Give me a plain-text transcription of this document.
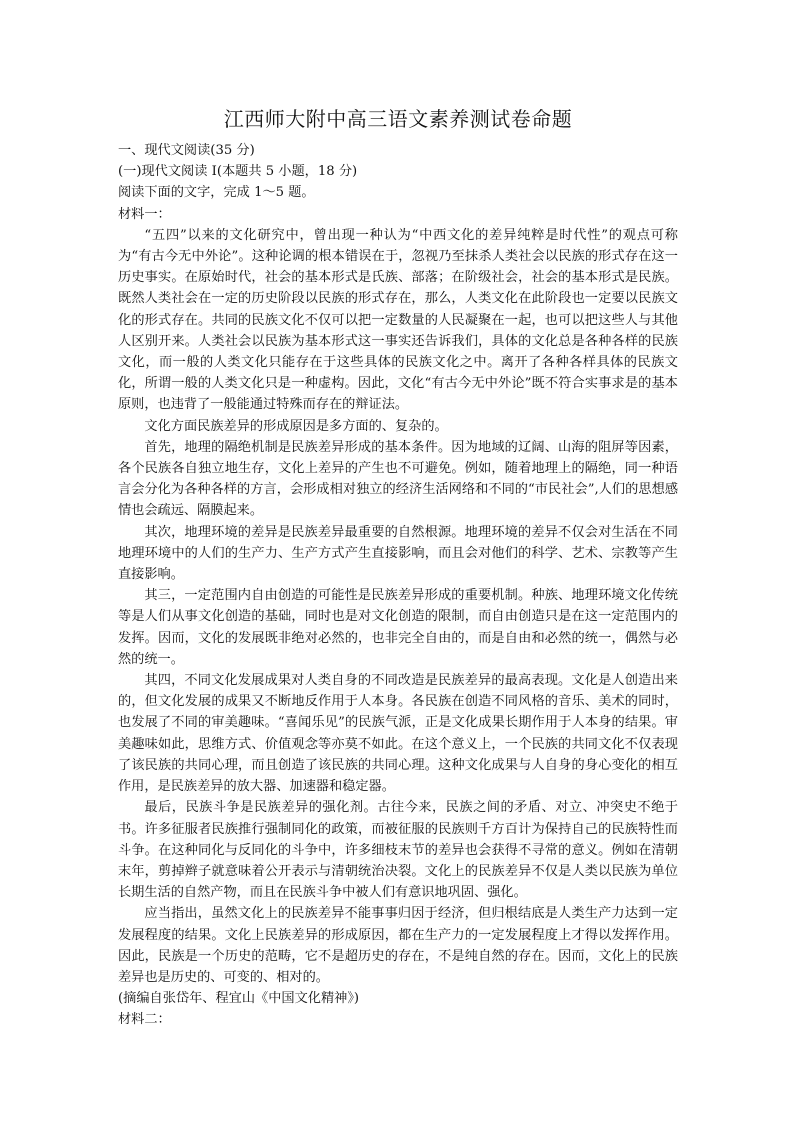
江西师大附中高三语文素养测试卷命题

一、现代文阅读(35 分)

(一)现代文阅读 I(本题共 5 小题，18 分)

阅读下面的文字，完成 1～5 题。

材料一：

“五四”以来的文化研究中，曾出现一种认为“中西文化的差异纯粹是时代性”的观点可称为“有古今无中外论”。这种论调的根本错误在于，忽视乃至抹杀人类社会以民族的形式存在这一历史事实。在原始时代，社会的基本形式是氏族、部落；在阶级社会，社会的基本形式是民族。既然人类社会在一定的历史阶段以民族的形式存在，那么，人类文化在此阶段也一定要以民族文化的形式存在。共同的民族文化不仅可以把一定数量的人民凝聚在一起，也可以把这些人与其他人区别开来。人类社会以民族为基本形式这一事实还告诉我们，具体的文化总是各种各样的民族文化，而一般的人类文化只能存在于这些具体的民族文化之中。离开了各种各样具体的民族文化，所谓一般的人类文化只是一种虚构。因此，文化“有古今无中外论”既不符合实事求是的基本原则，也违背了一般能通过特殊而存在的辩证法。

文化方面民族差异的形成原因是多方面的、复杂的。

首先，地理的隔绝机制是民族差异形成的基本条件。因为地域的辽阔、山海的阻屏等因素，各个民族各自独立地生存，文化上差异的产生也不可避免。例如，随着地理上的隔绝，同一种语言会分化为各种各样的方言，会形成相对独立的经济生活网络和不同的“市民社会”,人们的思想感情也会疏远、隔膜起来。

其次，地理环境的差异是民族差异最重要的自然根源。地理环境的差异不仅会对生活在不同地理环境中的人们的生产力、生产方式产生直接影响，而且会对他们的科学、艺术、宗教等产生直接影响。

其三，一定范围内自由创造的可能性是民族差异形成的重要机制。种族、地理环境文化传统等是人们从事文化创造的基础，同时也是对文化创造的限制，而自由创造只是在这一定范围内的发挥。因而，文化的发展既非绝对必然的，也非完全自由的，而是自由和必然的统一，偶然与必然的统一。

其四，不同文化发展成果对人类自身的不同改造是民族差异的最高表现。文化是人创造出来的，但文化发展的成果又不断地反作用于人本身。各民族在创造不同风格的音乐、美术的同时，也发展了不同的审美趣味。“喜闻乐见”的民族气派，正是文化成果长期作用于人本身的结果。审美趣味如此，思维方式、价值观念等亦莫不如此。在这个意义上，一个民族的共同文化不仅表现了该民族的共同心理，而且创造了该民族的共同心理。这种文化成果与人自身的身心变化的相互作用，是民族差异的放大器、加速器和稳定器。

最后，民族斗争是民族差异的强化剂。古往今来，民族之间的矛盾、对立、冲突史不绝于书。许多征服者民族推行强制同化的政策，而被征服的民族则千方百计为保持自己的民族特性而斗争。在这种同化与反同化的斗争中，许多细枝末节的差异也会获得不寻常的意义。例如在清朝末年，剪掉辫子就意味着公开表示与清朝统治决裂。文化上的民族差异不仅是人类以民族为单位长期生活的自然产物，而且在民族斗争中被人们有意识地巩固、强化。

应当指出，虽然文化上的民族差异不能事事归因于经济，但归根结底是人类生产力达到一定发展程度的结果。文化上民族差异的形成原因，都在生产力的一定发展程度上才得以发挥作用。因此，民族是一个历史的范畴，它不是超历史的存在，不是纯自然的存在。因而，文化上的民族差异也是历史的、可变的、相对的。

(摘编自张岱年、程宜山《中国文化精神》)

材料二：
